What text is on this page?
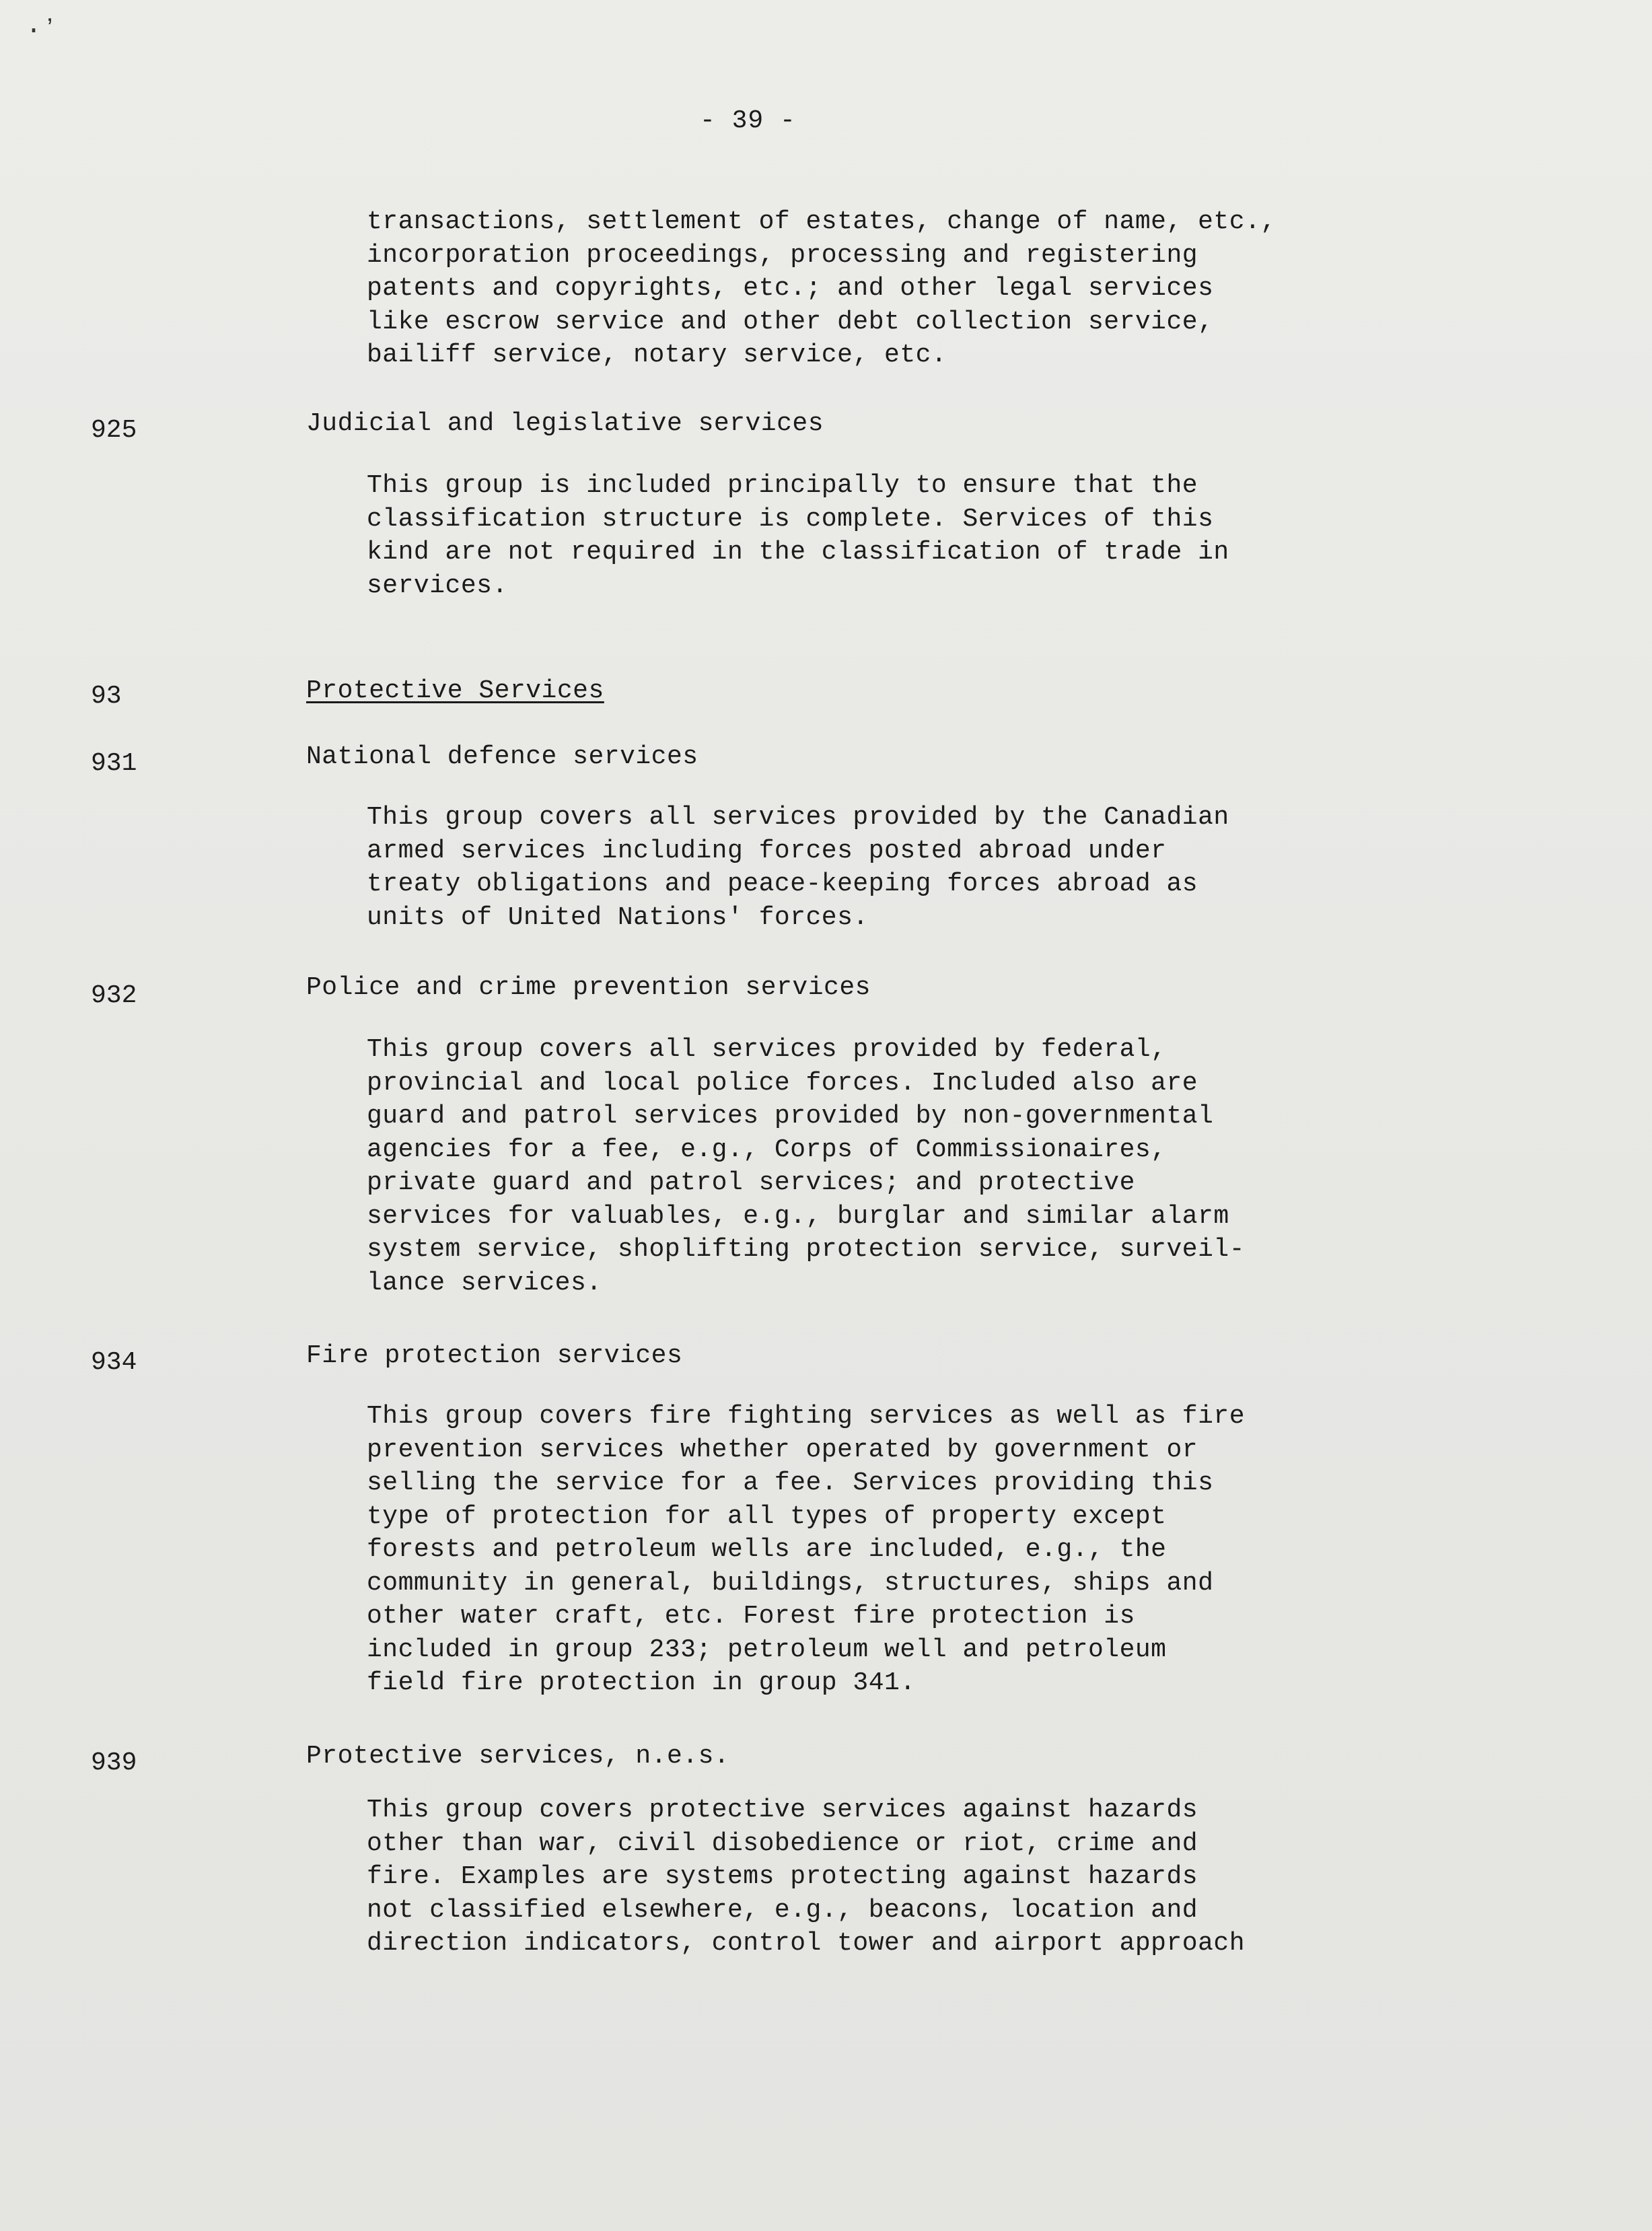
·ʼ
- 39 -
transactions, settlement of estates, change of name, etc.,
incorporation proceedings, processing and registering
patents and copyrights, etc.; and other legal services
like escrow service and other debt collection service,
bailiff service, notary service, etc.
925	Judicial and legislative services
This group is included principally to ensure that the
classification structure is complete. Services of this
kind are not required in the classification of trade in
services.
93	Protective Services
931	National defence services
This group covers all services provided by the Canadian
armed services including forces posted abroad under
treaty obligations and peace-keeping forces abroad as
units of United Nations' forces.
932	Police and crime prevention services
This group covers all services provided by federal,
provincial and local police forces. Included also are
guard and patrol services provided by non-governmental
agencies for a fee, e.g., Corps of Commissionaires,
private guard and patrol services; and protective
services for valuables, e.g., burglar and similar alarm
system service, shoplifting protection service, surveil-
lance services.
934	Fire protection services
This group covers fire fighting services as well as fire
prevention services whether operated by government or
selling the service for a fee. Services providing this
type of protection for all types of property except
forests and petroleum wells are included, e.g., the
community in general, buildings, structures, ships and
other water craft, etc. Forest fire protection is
included in group 233; petroleum well and petroleum
field fire protection in group 341.
939	Protective services, n.e.s.
This group covers protective services against hazards
other than war, civil disobedience or riot, crime and
fire. Examples are systems protecting against hazards
not classified elsewhere, e.g., beacons, location and
direction indicators, control tower and airport approach
